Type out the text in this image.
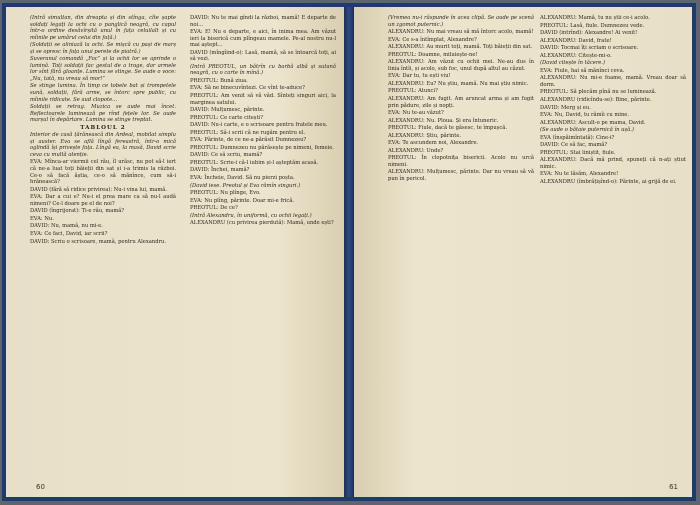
(Intră simultan, din dreapta și din stînga, cîte șapte soldați legați la ochi cu o panglică neagră, cu capul într-o ordine desăvîrșită unul în fața celuilalt și cu mîinile pe umărul celui din față.)

(Soldații se aliniază la ochi. Se mișcă cu pași de marș și se opresc în fața unui perete de piatră.)

Suveranul comandă „Foc” și la ochii lor se aprinde o lumină. Toți soldații fac gestul de a trage, dar armele lor sînt fără gloanțe. Lumina se stinge. Se aude o voce: „Nu, tată, nu vreau să mor!”

Se stinge lumina. În timp ce tobele bat și trompetele sună, soldații, fără arme, se întorc spre public, cu mîinile ridicate. Se aud clopote...

Soldații se retrag. Muzica se aude mai încet. Reflectoarele luminează pe rînd fețele lor. Se aude marșul în depărtare. Lumina se stinge treptat.

TABLOUL 2

Interior de casă țărănească din Ardeal, mobilat simplu și auster. Eva se află lîngă fereastră, într-o mică oglindă își privește fața. Lîngă ea, la masă, David scrie ceva cu multă atenție.

EVA: Mînca-ar viermii cel rău, îl urăsc, nu pot să-l iert că ne-a luat toți băieții din sat și i-a trimis la război. Ce-o să facă ăștia, ce-o să mănînce, cum să-i hrănească?

DAVID (fără să ridice privirea): Nu-i vina lui, mamă.

EVA: Dar a cui e? Nu-i el prea mare ca să nu-l audă nimeni? Ce-l doare pe el de noi?

DAVID (îngrijorat): Ți-e rău, mamă?

EVA: Nu.

DAVID: Nu, mamă, nu mi-e.

EVA: Ce faci, David, iar scrii?

DAVID: Scriu o scrisoare, mamă, pentru Alexandru.

DAVID: Nu te mai gîndi la război, mamă! E departe de noi...

EVA: E! Nu e departe, e aici, în inima mea. Am văzut ieri la biserică cum plîngeau mamele. Pe-al nostru nu-l mai aștept...

DAVID (mîngîind-o): Lasă, mamă, să se întoarcă toți, ai să vezi.

(Intră PREOTUL, un bătrîn cu barbă albă și sutană neagră, cu o carte în mînă.)

PREOTUL: Bună ziua.

EVA: Să ne binecuvîntezi. Ce vînt te-aduce?

PREOTUL: Am venit să vă văd. Sînteți singuri aici, la marginea satului.

DAVID: Mulțumesc, părinte.

PREOTUL: Ce carte citești?

DAVID: Nu-i carte, e o scrisoare pentru fratele meu.

PREOTUL: Să-i scrii că ne rugăm pentru el.

EVA: Părinte, de ce ne-a părăsit Dumnezeu?

PREOTUL: Dumnezeu nu părăsește pe nimeni, femeie.

DAVID: Ce să scriu, mamă?

PREOTUL: Scrie-i că-l iubim și-l așteptăm acasă.

DAVID: Închei, mamă?

EVA: Încheie, David. Să nu pierzi poșta.

(David iese. Preotul și Eva rămîn singuri.)

PREOTUL: Nu plînge, Evo.

EVA: Nu plîng, părinte. Doar mi-e frică.

PREOTUL: De ce?

(Intră Alexandru, în uniformă, cu ochii legați.)

ALEXANDRU (cu privirea pierdută): Mamă, unde ești?

60

(Vremea nu-i răspunde în acea clipă. Se aude pe scenă un zgomot puternic.)

ALEXANDRU: Nu mai vreau să mă întorc acolo, mamă!

EVA: Ce s-a întîmplat, Alexandre?

ALEXANDRU: Au murit toți, mamă. Toți băieții din sat.

PREOTUL: Doamne, miluiește-ne!

ALEXANDRU: Am văzut cu ochii mei. Ne-au dus în linia întîi, și acolo, sub foc, unul după altul au căzut.

EVA: Dar tu, tu ești viu!

ALEXANDRU: Eu? Nu știu, mamă. Nu mai știu nimic.

PREOTUL: Atunci?

ALEXANDRU: Am fugit. Am aruncat arma și am fugit prin pădure, zile și nopți.

EVA: Nu te-au văzut?

ALEXANDRU: Nu. Ploua. Și era întuneric.

PREOTUL: Fiule, dacă te găsesc, te împușcă.

ALEXANDRU: Știu, părinte.

EVA: Te ascundem noi, Alexandre.

ALEXANDRU: Unde?

PREOTUL: În clopotnița bisericii. Acolo nu urcă nimeni.

ALEXANDRU: Mulțumesc, părinte. Dar nu vreau să vă pun în pericol.

ALEXANDRU: Mamă, tu nu știi ce-i acolo.

PREOTUL: Lasă, fiule. Dumnezeu vede.

DAVID (intrînd): Alexandre! Ai venit!

ALEXANDRU: David, frate!

DAVID: Tocmai îți scriam o scrisoare.

ALEXANDRU: Citește-mi-o.

(David citește în tăcere.)

EVA: Fiule, hai să mănînci ceva.

ALEXANDRU: Nu mi-e foame, mamă. Vreau doar să dorm.

PREOTUL: Să plecăm pînă nu se luminează.

ALEXANDRU (ridicîndu-se): Bine, părinte.

DAVID: Merg și eu.

EVA: Nu, David, tu rămîi cu mine.

ALEXANDRU: Ascult-o pe mama, David.

(Se aude o bătaie puternică în ușă.)

EVA (înspăimîntată): Cine-i?

DAVID: Ce să fac, mamă?

PREOTUL: Stai liniștit, fiule.

ALEXANDRU: Dacă mă prind, spuneți că n-ați știut nimic.

EVA: Nu te lăsăm, Alexandre!

ALEXANDRU (îmbrățișînd-o): Părinte, ai grijă de ei.

61
